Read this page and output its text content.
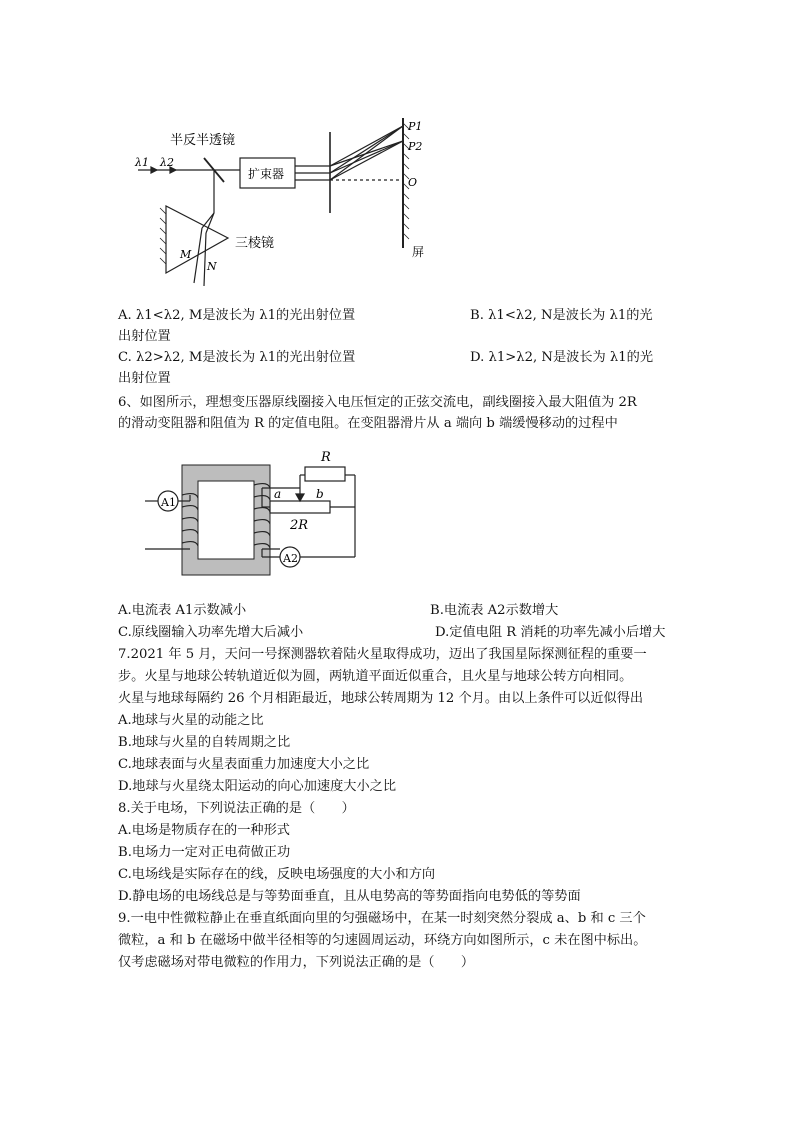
半反半透镜
λ1 λ2
扩束器
P1
P2
O
三棱镜
M
N
屏
A. λ1<λ2, M是波长为 λ1的光出射位置	B. λ1<λ2, N是波长为 λ1的光
出射位置
C. λ2>λ2, M是波长为 λ1的光出射位置	D. λ1>λ2, N是波长为 λ1的光
出射位置
6、如图所示，理想变压器原线圈接入电压恒定的正弦交流电，副线圈接入最大阻值为 2R
的滑动变阻器和阻值为 R 的定值电阻。在变阻器滑片从 a 端向 b 端缓慢移动的过程中
A1
A2
R
a	b
2R
A.电流表 A1示数减小	B.电流表 A2示数增大
C.原线圈输入功率先增大后减小	D.定值电阻 R 消耗的功率先减小后增大
7.2021 年 5 月，天问一号探测器软着陆火星取得成功，迈出了我国星际探测征程的重要一
步。火星与地球公转轨道近似为圆，两轨道平面近似重合，且火星与地球公转方向相同。
火星与地球每隔约 26 个月相距最近，地球公转周期为 12 个月。由以上条件可以近似得出
A.地球与火星的动能之比
B.地球与火星的自转周期之比
C.地球表面与火星表面重力加速度大小之比
D.地球与火星绕太阳运动的向心加速度大小之比
8.关于电场，下列说法正确的是（　　）
A.电场是物质存在的一种形式
B.电场力一定对正电荷做正功
C.电场线是实际存在的线，反映电场强度的大小和方向
D.静电场的电场线总是与等势面垂直，且从电势高的等势面指向电势低的等势面
9.一电中性微粒静止在垂直纸面向里的匀强磁场中，在某一时刻突然分裂成 a、b 和 c 三个
微粒，a 和 b 在磁场中做半径相等的匀速圆周运动，环绕方向如图所示，c 未在图中标出。
仅考虑磁场对带电微粒的作用力，下列说法正确的是（　　）
